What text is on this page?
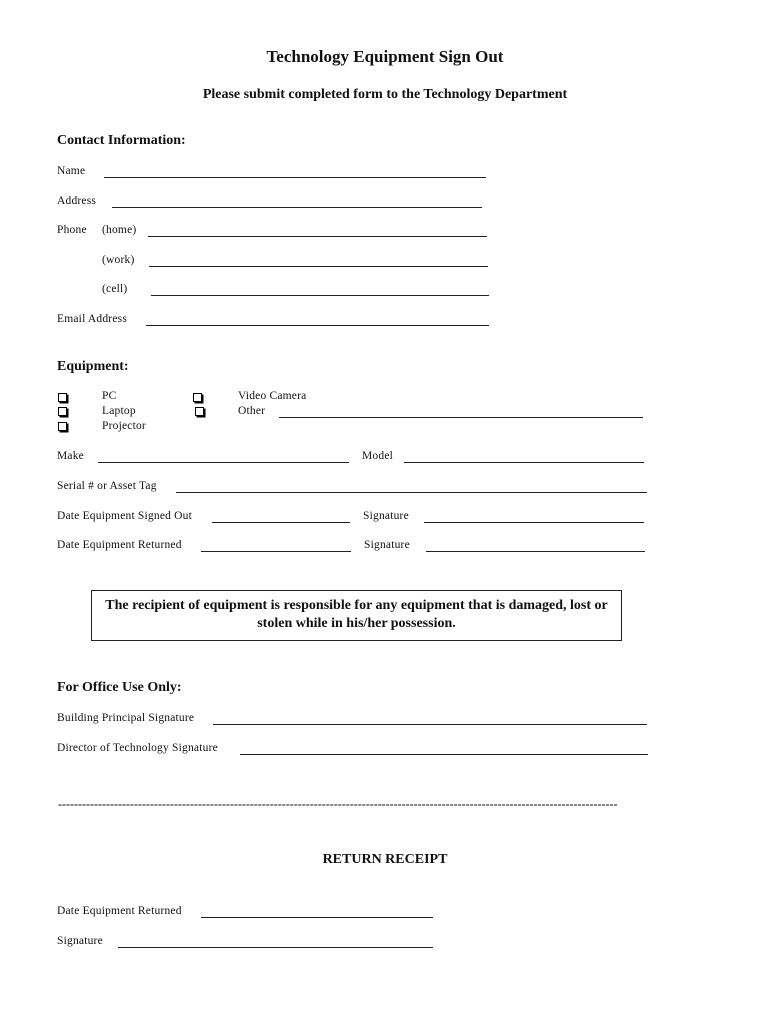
Technology Equipment Sign Out
Please submit completed form to the Technology Department
Contact Information:
Name
Address
Phone (home)
(work)
(cell)
Email Address
Equipment:
PC
Laptop
Projector
Video Camera
Other
Make	Model
Serial # or Asset Tag
Date Equipment Signed Out	Signature
Date Equipment Returned	Signature
The recipient of equipment is responsible for any equipment that is damaged, lost or stolen while in his/her possession.
For Office Use Only:
Building Principal Signature
Director of Technology Signature
--------------------------------------------------------------------------------------------------------------------------------------------
RETURN RECEIPT
Date Equipment Returned
Signature
